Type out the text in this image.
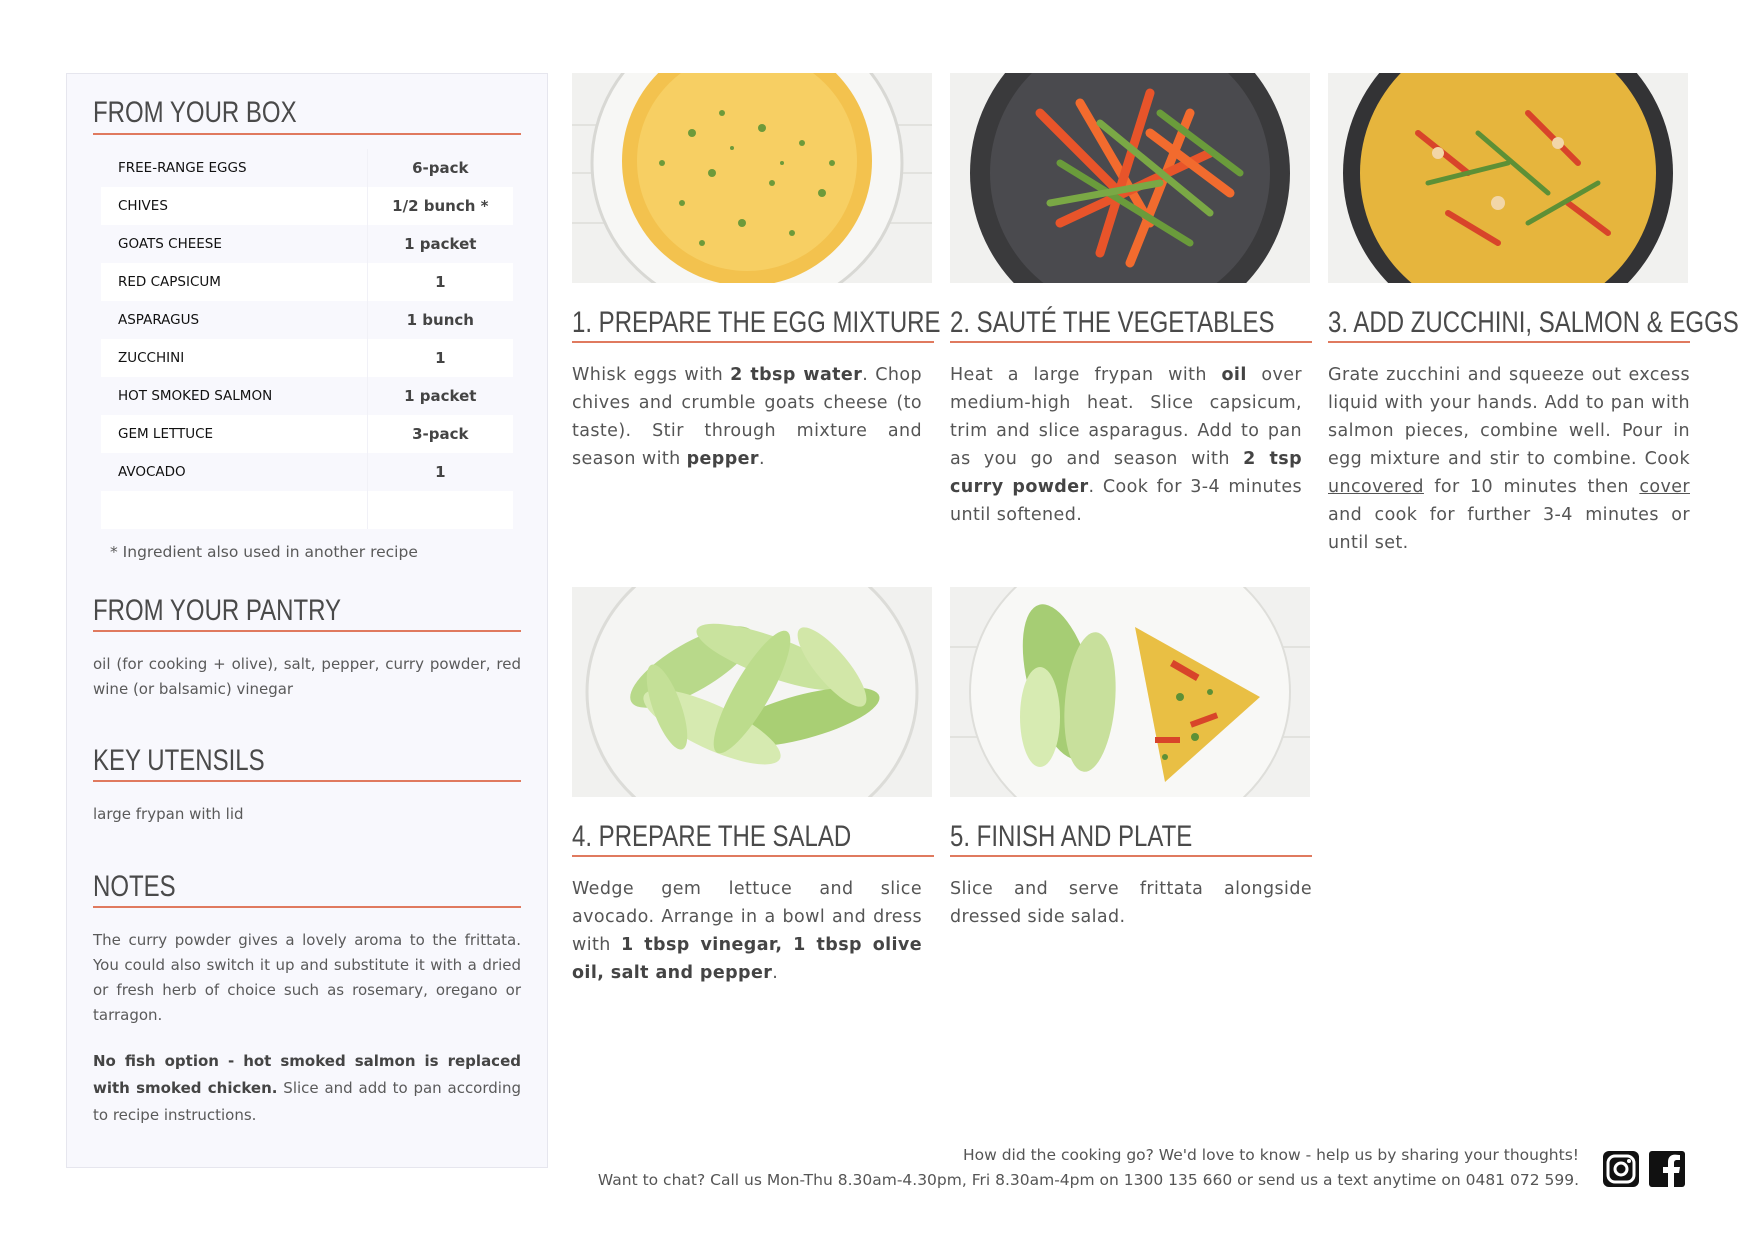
FROM YOUR BOX
FREE-RANGE EGGS	6-pack
CHIVES	1/2 bunch *
GOATS CHEESE	1 packet
RED CAPSICUM	1
ASPARAGUS	1 bunch
ZUCCHINI	1
HOT SMOKED SALMON	1 packet
GEM LETTUCE	3-pack
AVOCADO	1
* Ingredient also used in another recipe
FROM YOUR PANTRY
oil (for cooking + olive), salt, pepper, curry powder, red wine (or balsamic) vinegar
KEY UTENSILS
large frypan with lid
NOTES
The curry powder gives a lovely aroma to the frittata. You could also switch it up and substitute it with a dried or fresh herb of choice such as rosemary, oregano or tarragon.
No fish option - hot smoked salmon is replaced with smoked chicken. Slice and add to pan according to recipe instructions.
1. PREPARE THE EGG MIXTURE
Whisk eggs with 2 tbsp water. Chop chives and crumble goats cheese (to taste). Stir through mixture and season with pepper.
2. SAUTÉ THE VEGETABLES
Heat a large frypan with oil over medium-high heat. Slice capsicum, trim and slice asparagus. Add to pan as you go and season with 2 tsp curry powder. Cook for 3-4 minutes until softened.
3. ADD ZUCCHINI, SALMON & EGGS
Grate zucchini and squeeze out excess liquid with your hands. Add to pan with salmon pieces, combine well. Pour in egg mixture and stir to combine. Cook uncovered for 10 minutes then cover and cook for further 3-4 minutes or until set.
4. PREPARE THE SALAD
Wedge gem lettuce and slice avocado. Arrange in a bowl and dress with 1 tbsp vinegar, 1 tbsp olive oil, salt and pepper.
5. FINISH AND PLATE
Slice and serve frittata alongside dressed side salad.
How did the cooking go? We'd love to know - help us by sharing your thoughts!
Want to chat? Call us Mon-Thu 8.30am-4.30pm, Fri 8.30am-4pm on 1300 135 660 or send us a text anytime on 0481 072 599.
